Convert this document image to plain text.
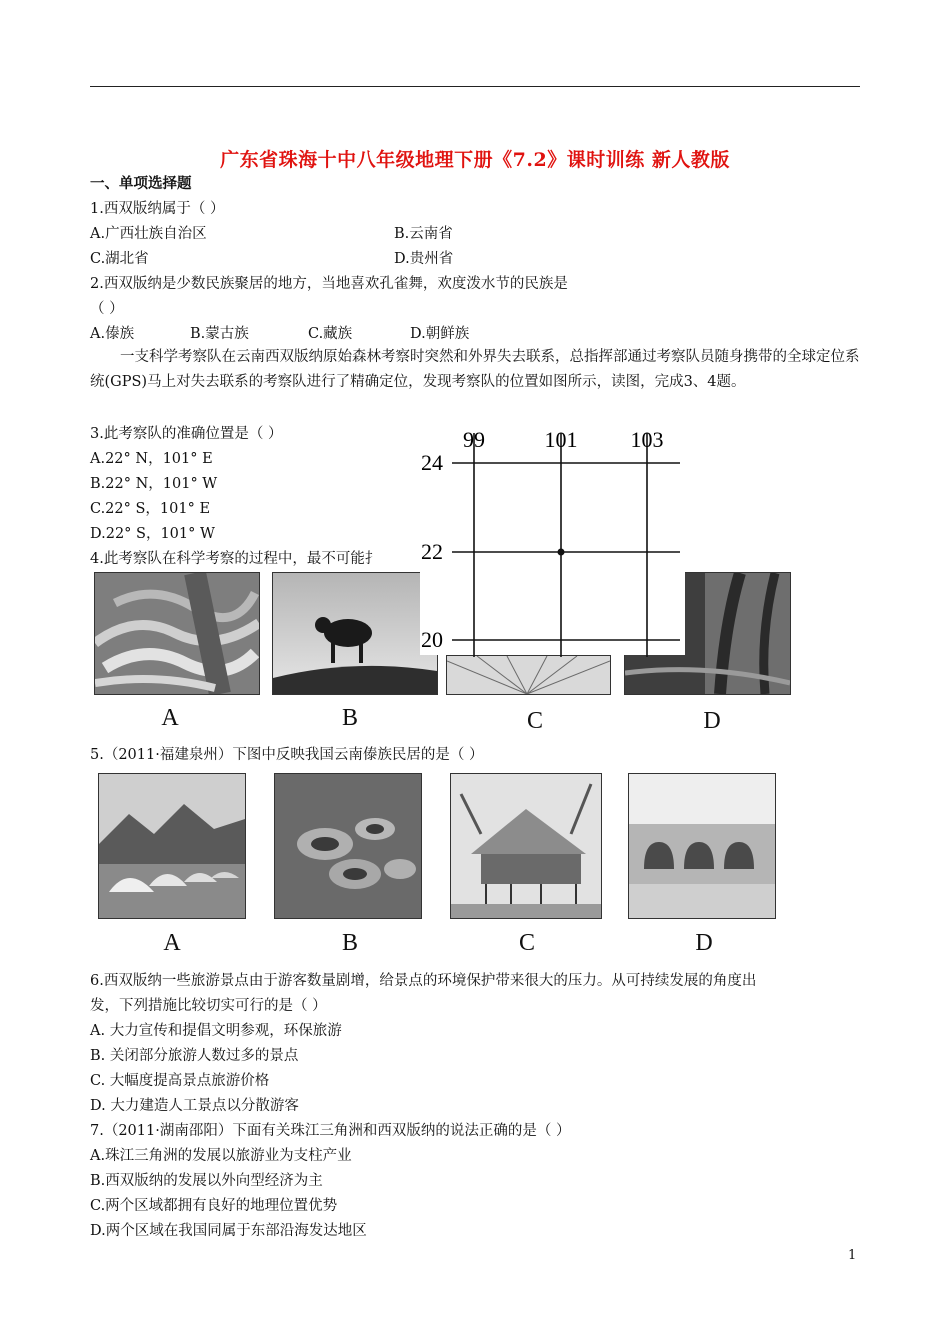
广东省珠海十中八年级地理下册《7.2》课时训练 新人教版
一、单项选择题
1.西双版纳属于（ ）
A.广西壮族自治区	B.云南省
C.湖北省	D.贵州省
2.西双版纳是少数民族聚居的地方，当地喜欢孔雀舞，欢度泼水节的民族是
（ ）
A.傣族	B.蒙古族	C.藏族	D.朝鲜族
一支科学考察队在云南西双版纳原始森林考察时突然和外界失去联系，总指挥部通过考察队员随身携带的全球定位系统(GPS)马上对失去联系的考察队进行了精确定位，发现考察队的位置如图所示，读图，完成3、4题。
3.此考察队的准确位置是（ ）
A.22° N，101° E
B.22° N，101° W
C.22° S，101° E
D.22° S，101° W
4.此考察队在科学考察的过程中，最不可能扌
99	101 103
24
22
20
A	B	C	D
5.（2011·福建泉州）下图中反映我国云南傣族民居的是（ ）
A	B	C	D
6.西双版纳一些旅游景点由于游客数量剧增，给景点的环境保护带来很大的压力。从可持续发展的角度出
发，下列措施比较切实可行的是（ ）
A. 大力宣传和提倡文明参观，环保旅游
B. 关闭部分旅游人数过多的景点
C. 大幅度提高景点旅游价格
D. 大力建造人工景点以分散游客
7.（2011·湖南邵阳）下面有关珠江三角洲和西双版纳的说法正确的是（ ）
A.珠江三角洲的发展以旅游业为支柱产业
B.西双版纳的发展以外向型经济为主
C.两个区域都拥有良好的地理位置优势
D.两个区域在我国同属于东部沿海发达地区
1
